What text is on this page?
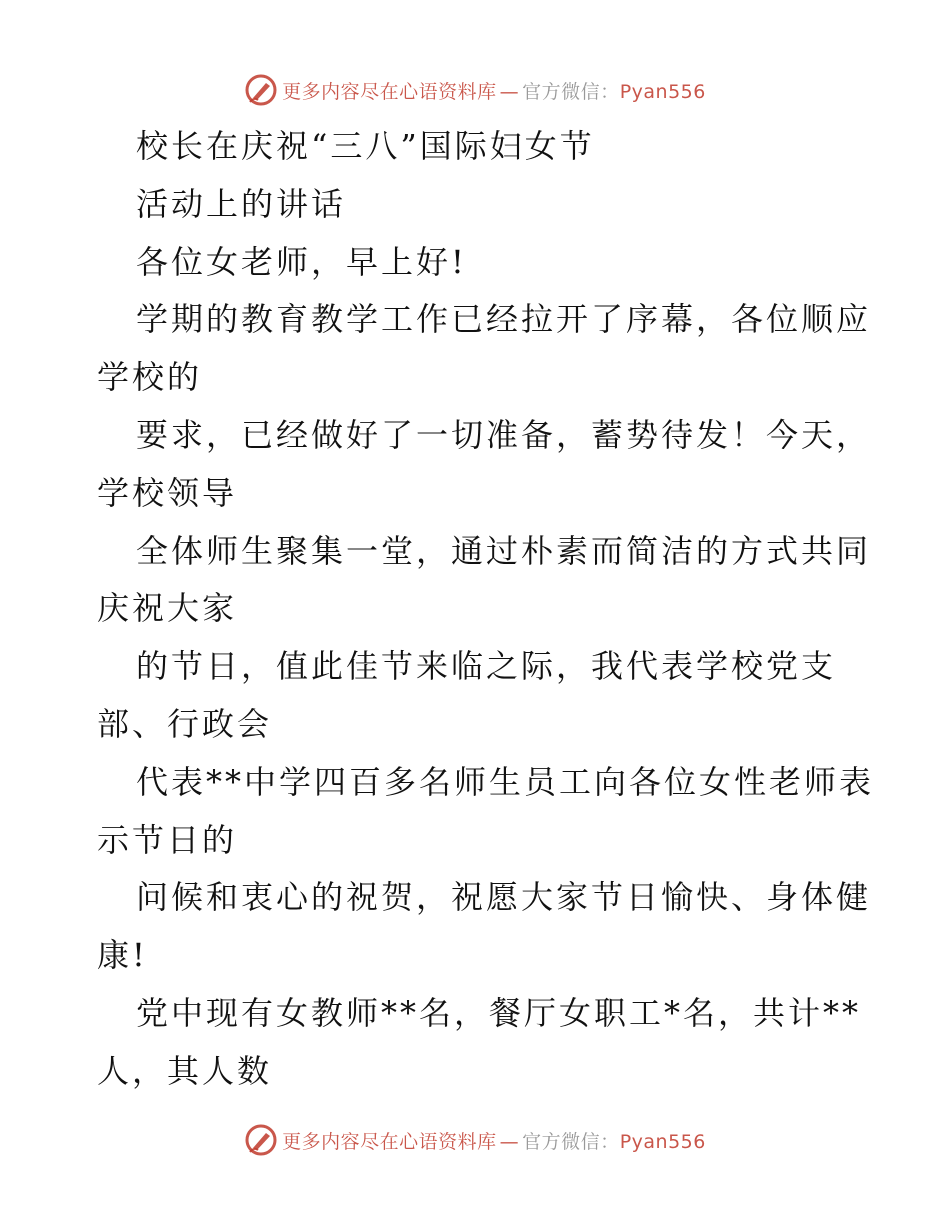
更多内容尽在心语资料库 — 官方微信：Pyan556
校长在庆祝“三八”国际妇女节
活动上的讲话
各位女老师，早上好!
学期的教育教学工作已经拉开了序幕，各位顺应
学校的
要求，已经做好了一切准备，蓄势待发！今天，
学校领导
全体师生聚集一堂，通过朴素而简洁的方式共同
庆祝大家
的节日，值此佳节来临之际，我代表学校党支
部、行政会
代表**中学四百多名师生员工向各位女性老师表
示节日的
问候和衷心的祝贺，祝愿大家节日愉快、身体健
康!
党中现有女教师**名，餐厅女职工*名，共计**
人，其人数
更多内容尽在心语资料库 — 官方微信：Pyan556
